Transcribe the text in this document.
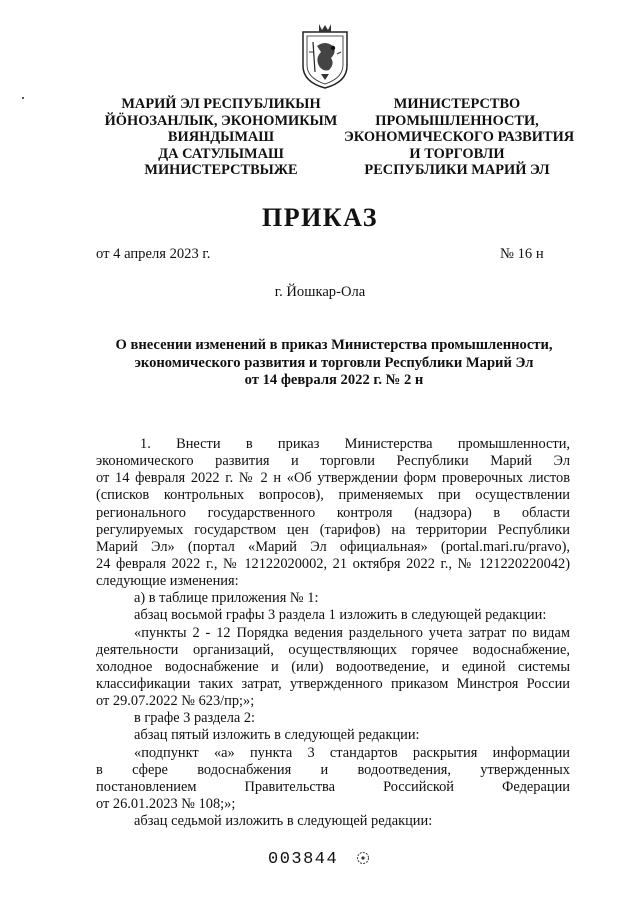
МАРИЙ ЭЛ РЕСПУБЛИКЫН
ЙӦНОЗАНЛЫК, ЭКОНОМИКЫМ
ВИЯНДЫМАШ
ДА САТУЛЫМАШ
МИНИСТЕРСТВЫЖЕ
МИНИСТЕРСТВО
ПРОМЫШЛЕННОСТИ,
ЭКОНОМИЧЕСКОГО РАЗВИТИЯ
И ТОРГОВЛИ
РЕСПУБЛИКИ МАРИЙ ЭЛ
ПРИКАЗ
от 4 апреля 2023 г.	№ 16 н
г. Йошкар-Ола
О внесении изменений в приказ Министерства промышленности,
экономического развития и торговли Республики Марий Эл
от 14 февраля 2022 г. № 2 н
1. Внести в приказ Министерства промышленности,
экономического развития и торговли Республики Марий Эл
от 14 февраля 2022 г. № 2 н «Об утверждении форм проверочных листов
(списков контрольных вопросов), применяемых при осуществлении
регионального государственного контроля (надзора) в области
регулируемых государством цен (тарифов) на территории Республики
Марий Эл» (портал «Марий Эл официальная» (portal.mari.ru/pravo),
24 февраля 2022 г., № 12122020002, 21 октября 2022 г., № 121220220042)
следующие изменения:
а) в таблице приложения № 1:
абзац восьмой графы 3 раздела 1 изложить в следующей редакции:
«пункты 2 - 12 Порядка ведения раздельного учета затрат по видам
деятельности организаций, осуществляющих горячее водоснабжение,
холодное водоснабжение и (или) водоотведение, и единой системы
классификации таких затрат, утвержденного приказом Минстроя России
от 29.07.2022 № 623/пр;»;
в графе 3 раздела 2:
абзац пятый изложить в следующей редакции:
«подпункт «а» пункта 3 стандартов раскрытия информации
в сфере водоснабжения и водоотведения, утвержденных
постановлением Правительства Российской Федерации
от 26.01.2023 № 108;»;
абзац седьмой изложить в следующей редакции:
003844
